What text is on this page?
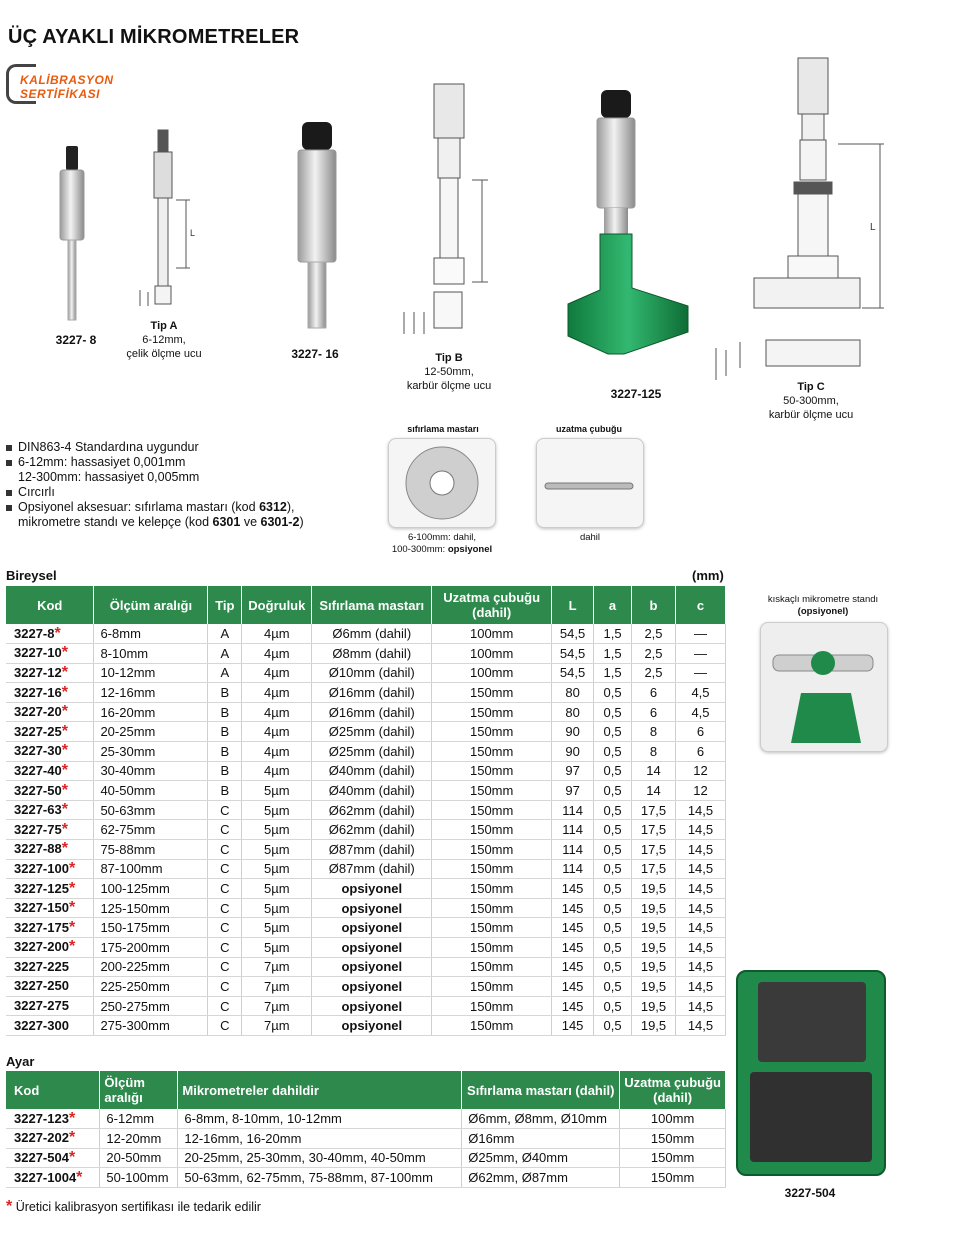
ÜÇ AYAKLI MİKROMETRELER
KALİBRASYON
SERTİFİKASI
L	L
3227- 8
Tip A
6-12mm,
çelik ölçme ucu	3227- 16	Tip B
12-50mm,
karbür ölçme ucu
3227-125	Tip C
50-300mm,
karbür ölçme ucu
DIN863-4 Standardına uygundur
6-12mm: hassasiyet 0,001mm
12-300mm: hassasiyet 0,005mm
Cırcırlı
Opsiyonel aksesuar: sıfırlama mastarı (kod 6312),
mikrometre standı ve kelepçe (kod 6301 ve 6301-2)
sıfırlama mastarı
6-100mm: dahil,
100-300mm: opsiyonel
uzatma çubuğu
dahil
kıskaçlı mikrometre standı
(opsiyonel)
3227-504
Bireysel	(mm)
Kod	Ölçüm aralığı	Tip	Doğruluk	Sıfırlama mastarı	Uzatma çubuğu (dahil)	L	a	b	c
3227-8*	6-8mm	A	4µm	Ø6mm (dahil)	100mm	54,5	1,5	2,5	—
3227-10*	8-10mm	A	4µm	Ø8mm (dahil)	100mm	54,5	1,5	2,5	—
3227-12*	10-12mm	A	4µm	Ø10mm (dahil)	100mm	54,5	1,5	2,5	—
3227-16*	12-16mm	B	4µm	Ø16mm (dahil)	150mm	80	0,5	6	4,5
3227-20*	16-20mm	B	4µm	Ø16mm (dahil)	150mm	80	0,5	6	4,5
3227-25*	20-25mm	B	4µm	Ø25mm (dahil)	150mm	90	0,5	8	6
3227-30*	25-30mm	B	4µm	Ø25mm (dahil)	150mm	90	0,5	8	6
3227-40*	30-40mm	B	4µm	Ø40mm (dahil)	150mm	97	0,5	14	12
3227-50*	40-50mm	B	5µm	Ø40mm (dahil)	150mm	97	0,5	14	12
3227-63*	50-63mm	C	5µm	Ø62mm (dahil)	150mm	114	0,5	17,5	14,5
3227-75*	62-75mm	C	5µm	Ø62mm (dahil)	150mm	114	0,5	17,5	14,5
3227-88*	75-88mm	C	5µm	Ø87mm (dahil)	150mm	114	0,5	17,5	14,5
3227-100*	87-100mm	C	5µm	Ø87mm (dahil)	150mm	114	0,5	17,5	14,5
3227-125*	100-125mm	C	5µm	opsiyonel	150mm	145	0,5	19,5	14,5
3227-150*	125-150mm	C	5µm	opsiyonel	150mm	145	0,5	19,5	14,5
3227-175*	150-175mm	C	5µm	opsiyonel	150mm	145	0,5	19,5	14,5
3227-200*	175-200mm	C	5µm	opsiyonel	150mm	145	0,5	19,5	14,5
3227-225	200-225mm	C	7µm	opsiyonel	150mm	145	0,5	19,5	14,5
3227-250	225-250mm	C	7µm	opsiyonel	150mm	145	0,5	19,5	14,5
3227-275	250-275mm	C	7µm	opsiyonel	150mm	145	0,5	19,5	14,5
3227-300	275-300mm	C	7µm	opsiyonel	150mm	145	0,5	19,5	14,5
Ayar
Kod	Ölçüm aralığı	Mikrometreler dahildir	Sıfırlama mastarı (dahil)	Uzatma çubuğu (dahil)
3227-123*	6-12mm	6-8mm, 8-10mm, 10-12mm	Ø6mm, Ø8mm, Ø10mm	100mm
3227-202*	12-20mm	12-16mm, 16-20mm	Ø16mm	150mm
3227-504*	20-50mm	20-25mm, 25-30mm, 30-40mm, 40-50mm	Ø25mm, Ø40mm	150mm
3227-1004*	50-100mm	50-63mm, 62-75mm, 75-88mm, 87-100mm	Ø62mm, Ø87mm	150mm
* Üretici kalibrasyon sertifikası ile tedarik edilir
